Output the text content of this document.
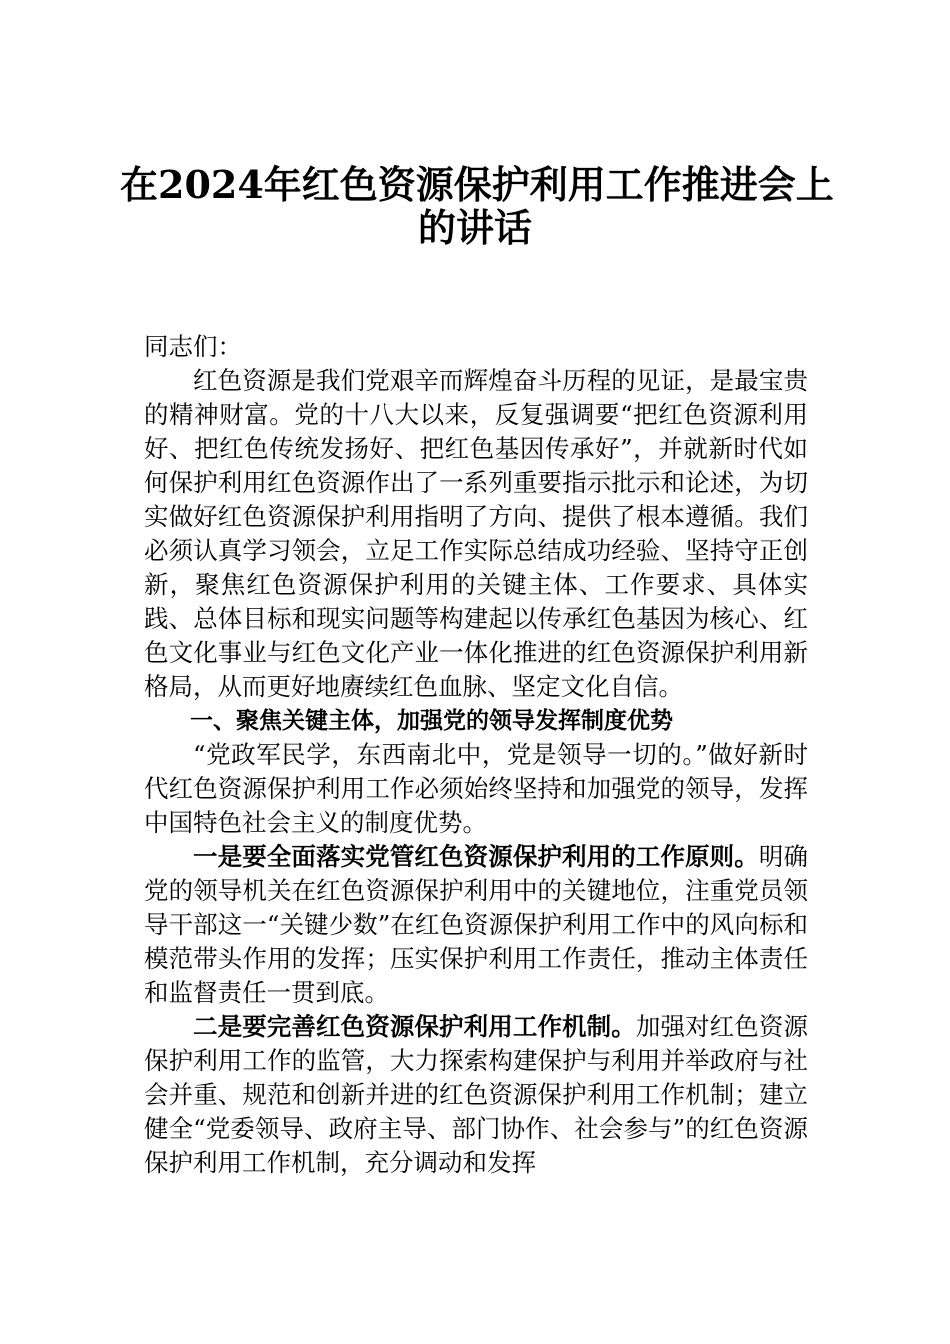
在2024年红色资源保护利用工作推进会上
的讲话

同志们：

红色资源是我们党艰辛而辉煌奋斗历程的见证，是最宝贵的精神财富。党的十八大以来，反复强调要“把红色资源利用好、把红色传统发扬好、把红色基因传承好”，并就新时代如何保护利用红色资源作出了一系列重要指示批示和论述，为切实做好红色资源保护利用指明了方向、提供了根本遵循。我们必须认真学习领会，立足工作实际总结成功经验、坚持守正创新，聚焦红色资源保护利用的关键主体、工作要求、具体实践、总体目标和现实问题等构建起以传承红色基因为核心、红色文化事业与红色文化产业一体化推进的红色资源保护利用新格局，从而更好地赓续红色血脉、坚定文化自信。

一、聚焦关键主体，加强党的领导发挥制度优势

“党政军民学，东西南北中，党是领导一切的。”做好新时代红色资源保护利用工作必须始终坚持和加强党的领导，发挥中国特色社会主义的制度优势。

一是要全面落实党管红色资源保护利用的工作原则。明确党的领导机关在红色资源保护利用中的关键地位，注重党员领导干部这一“关键少数”在红色资源保护利用工作中的风向标和模范带头作用的发挥；压实保护利用工作责任，推动主体责任和监督责任一贯到底。

二是要完善红色资源保护利用工作机制。加强对红色资源保护利用工作的监管，大力探索构建保护与利用并举政府与社会并重、规范和创新并进的红色资源保护利用工作机制；建立健全“党委领导、政府主导、部门协作、社会参与”的红色资源保护利用工作机制，充分调动和发挥
